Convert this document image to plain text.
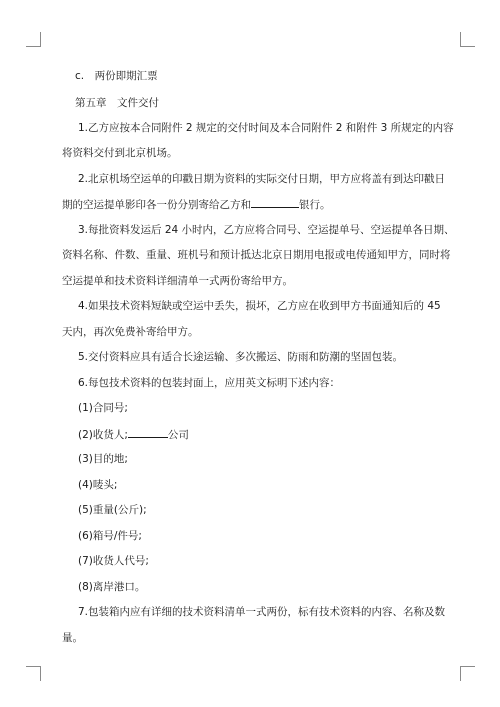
c.　两份即期汇票
第五章　文件交付
1.乙方应按本合同附件 2 规定的交付时间及本合同附件 2 和附件 3 所规定的内容
将资料交付到北京机场。
2.北京机场空运单的印戳日期为资料的实际交付日期，甲方应将盖有到达印戳日
期的空运提单影印各一份分别寄给乙方和	银行。
3.每批资料发运后 24 小时内，乙方应将合同号、空运提单号、空运提单各日期、
资料名称、件数、重量、班机号和预计抵达北京日期用电报或电传通知甲方，同时将
空运提单和技术资料详细清单一式两份寄给甲方。
4.如果技术资料短缺或空运中丢失，损坏，乙方应在收到甲方书面通知后的 45
天内，再次免费补寄给甲方。
5.交付资料应具有适合长途运输、多次搬运、防雨和防潮的坚固包装。
6.每包技术资料的包装封面上，应用英文标明下述内容：
(1)合同号;
(2)收货人;	公司
(3)目的地;
(4)唛头;
(5)重量(公斤);
(6)箱号/件号;
(7)收货人代号;
(8)离岸港口。
7.包装箱内应有详细的技术资料清单一式两份，标有技术资料的内容、名称及数
量。
